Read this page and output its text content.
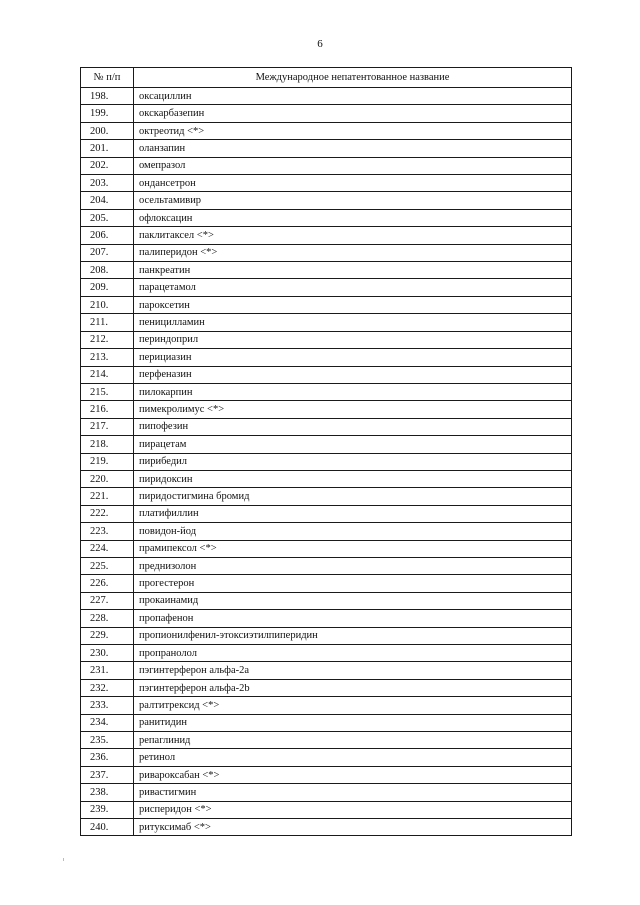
6
№ п/п	Международное непатентованное название
198.	оксациллин
199.	окскарбазепин
200.	октреотид <*>
201.	оланзапин
202.	омепразол
203.	ондансетрон
204.	осельтамивир
205.	офлоксацин
206.	паклитаксел <*>
207.	палиперидон <*>
208.	панкреатин
209.	парацетамол
210.	пароксетин
211.	пеницилламин
212.	периндоприл
213.	перициазин
214.	перфеназин
215.	пилокарпин
216.	пимекролимус <*>
217.	пипофезин
218.	пирацетам
219.	пирибедил
220.	пиридоксин
221.	пиридостигмина бромид
222.	платифиллин
223.	повидон-йод
224.	прамипексол <*>
225.	преднизолон
226.	прогестерон
227.	прокаинамид
228.	пропафенон
229.	пропионилфенил-этоксиэтилпиперидин
230.	пропранолол
231.	пэгинтерферон альфа-2а
232.	пэгинтерферон альфа-2b
233.	ралтитрексид <*>
234.	ранитидин
235.	репаглинид
236.	ретинол
237.	ривароксабан <*>
238.	ривастигмин
239.	рисперидон <*>
240.	ритуксимаб <*>
